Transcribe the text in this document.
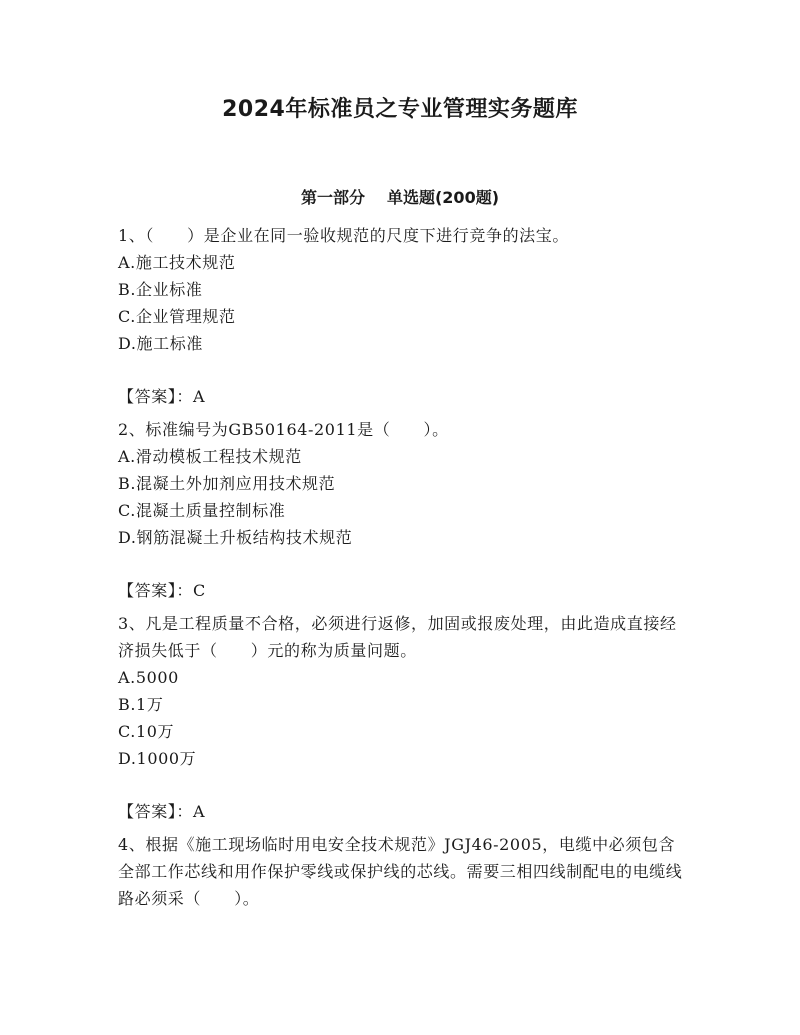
2024年标准员之专业管理实务题库
第一部分 单选题(200题)

1、（　　）是企业在同一验收规范的尺度下进行竞争的法宝。

A.施工技术规范
B.企业标准
C.企业管理规范
D.施工标准
【答案】：A

2、标准编号为GB50164-2011是（　　）。

A.滑动模板工程技术规范
B.混凝土外加剂应用技术规范
C.混凝土质量控制标准
D.钢筋混凝土升板结构技术规范
【答案】：C

3、凡是工程质量不合格，必须进行返修，加固或报废处理，由此造成直接经济损失低于（　　）元的称为质量问题。

A.5000
B.1万
C.10万
D.1000万
【答案】：A

4、根据《施工现场临时用电安全技术规范》JGJ46-2005，电缆中必须包含全部工作芯线和用作保护零线或保护线的芯线。需要三相四线制配电的电缆线路必须采（　　）。
